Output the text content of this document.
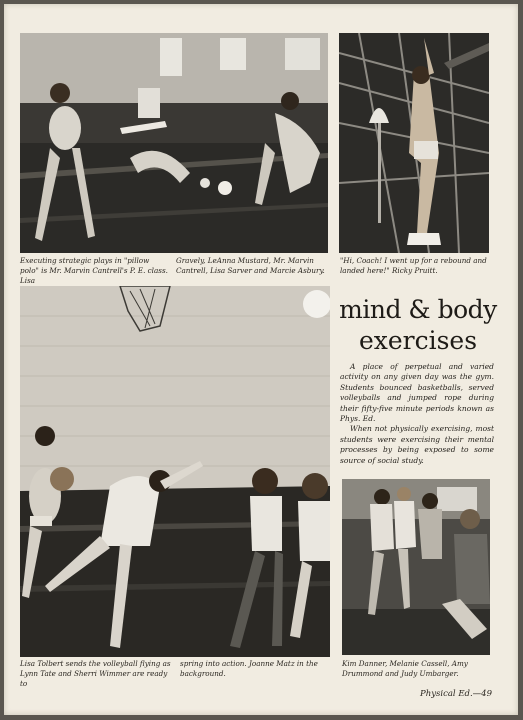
Executing strategic plays in "pillow polo" is Mr. Marvin Cantrell's P. E. class. Lisa
Gravely, LeAnna Mustard, Mr. Marvin Cantrell, Lisa Sarver and Marcie Asbury.
"Hi, Coach! I went up for a rebound and landed here!" Ricky Pruitt.
Lisa Tolbert sends the volleyball flying as Lynn Tate and Sherri Wimmer are ready to
spring into action. Joanne Matz in the background.
mind & body
exercises

A place of perpetual and varied activity on any given day was the gym. Students bounced basketballs, served volleyballs and jumped rope during their fifty-five minute periods known as Phys. Ed.

When not physically exercising, most students were exercising their mental processes by being exposed to some source of social study.

Kim Danner, Melanie Cassell, Amy Drummond and Judy Umbarger.
Physical Ed.—49
